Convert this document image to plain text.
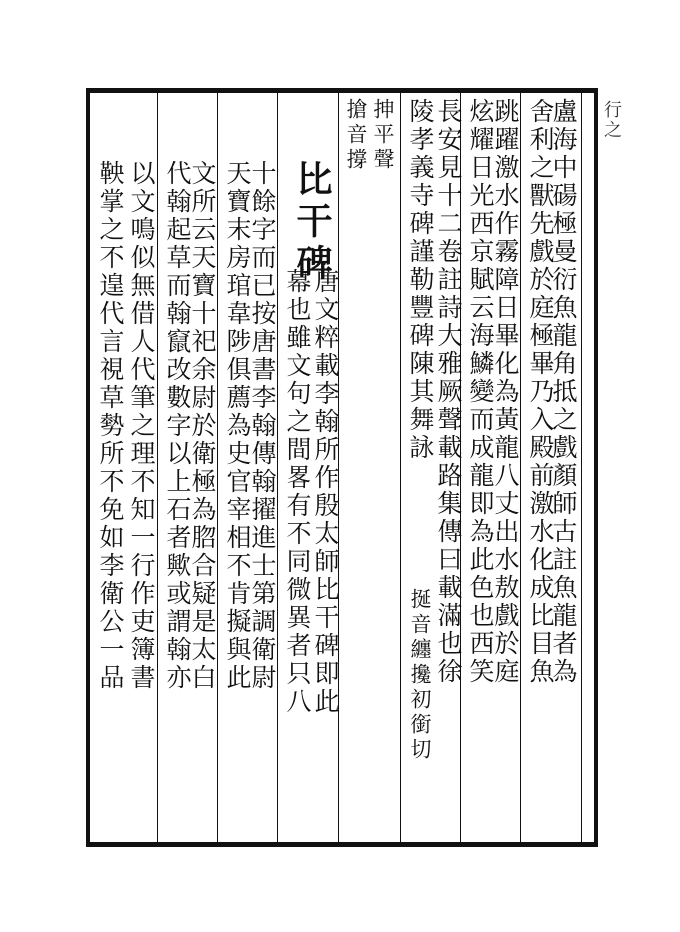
行之
盧海中碭極曼衍魚龍角抵之戲顏師古註魚龍者為
舍利之獸先戲於庭極畢乃入殿前激水化成比目魚
跳躍激水作霧障日畢化為黃龍八丈出水敖戲於庭
炫耀日光西京賦云海鱗變而成龍即為此色也西笑
長安見十二卷註詩大雅厥聲載路集傳曰載滿也徐
陵孝義寺碑謹勒豐碑陳其舞詠
挻音纏攙初銜切
抻平聲
搶音撐
比干碑
唐文粹載李翰所作殷太師比干碑即此
幕也雖文句之間畧有不同微異者只八
十餘字而已按唐書李翰傳翰擢進士第調衛尉
天寶末房琯韋陟俱薦為史官宰相不肯擬與此
文所云天寶十祀余尉於衛極為脗合疑是太白
代翰起草而翰竄改數字以上石者歟或謂翰亦
以文鳴似無借人代筆之理不知一行作吏簿書
鞅掌之不遑代言視草勢所不免如李衛公一品
